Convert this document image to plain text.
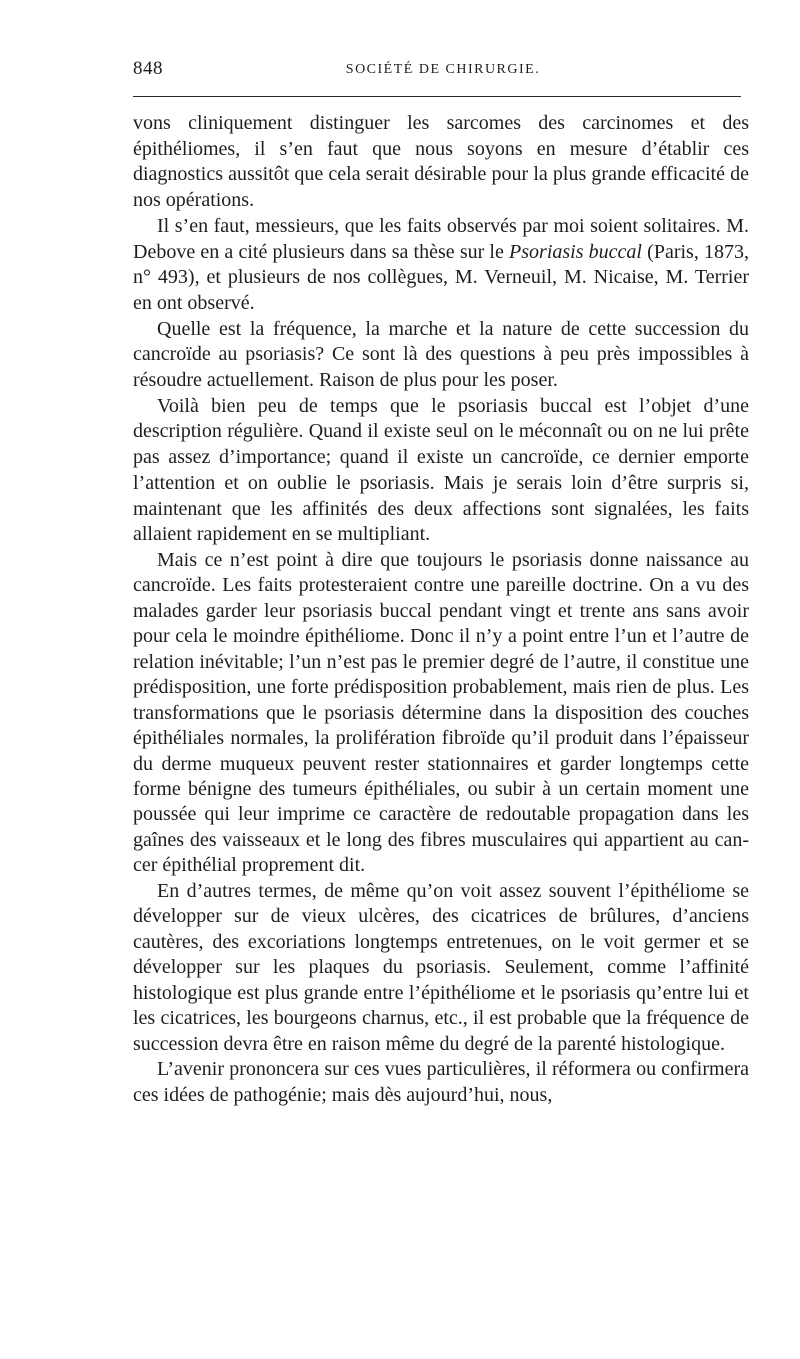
848	SOCIÉTÉ DE CHIRURGIE.

vons cliniquement distinguer les sarcomes des carcinomes et des épithéliomes, il s’en faut que nous soyons en mesure d’établir ces diagnostics aussitôt que cela serait désirable pour la plus grande efficacité de nos opérations.

Il s’en faut, messieurs, que les faits observés par moi soient solitaires. M. Debove en a cité plusieurs dans sa thèse sur le Psoriasis buccal (Paris, 1873, n° 493), et plusieurs de nos collègues, M. Verneuil, M. Nicaise, M. Terrier en ont observé.

Quelle est la fréquence, la marche et la nature de cette succession du cancroïde au psoriasis? Ce sont là des questions à peu près impossibles à résoudre actuellement. Raison de plus pour les poser.

Voilà bien peu de temps que le psoriasis buccal est l’objet d’une description régulière. Quand il existe seul on le méconnaît ou on ne lui prête pas assez d’importance; quand il existe un cancroïde, ce dernier emporte l’attention et on oublie le psoriasis. Mais je serais loin d’être surpris si, maintenant que les affinités des deux affections sont signalées, les faits allaient rapidement en se multipliant.

Mais ce n’est point à dire que toujours le psoriasis donne naissance au cancroïde. Les faits protesteraient contre une pareille doctrine. On a vu des malades garder leur psoriasis buccal pendant vingt et trente ans sans avoir pour cela le moindre épithéliome. Donc il n’y a point entre l’un et l’autre de relation inévitable; l’un n’est pas le premier degré de l’autre, il constitue une prédisposition, une forte prédisposition probablement, mais rien de plus. Les transformations que le psoriasis détermine dans la disposition des couches épithéliales normales, la prolifération fibroïde qu’il produit dans l’épaisseur du derme muqueux peuvent rester stationnaires et garder longtemps cette forme bénigne des tumeurs épithéliales, ou subir à un certain moment une poussée qui leur imprime ce caractère de redoutable propagation dans les gaînes des vaisseaux et le long des fibres musculaires qui appartient au cancer épithélial proprement dit.

En d’autres termes, de même qu’on voit assez souvent l’épithéliome se développer sur de vieux ulcères, des cicatrices de brûlures, d’anciens cautères, des excoriations longtemps entretenues, on le voit germer et se développer sur les plaques du psoriasis. Seulement, comme l’affinité histologique est plus grande entre l’épithéliome et le psoriasis qu’entre lui et les cicatrices, les bourgeons charnus, etc., il est probable que la fréquence de succession devra être en raison même du degré de la parenté histologique.

L’avenir prononcera sur ces vues particulières, il réformera ou confirmera ces idées de pathogénie; mais dès aujourd’hui, nous,
